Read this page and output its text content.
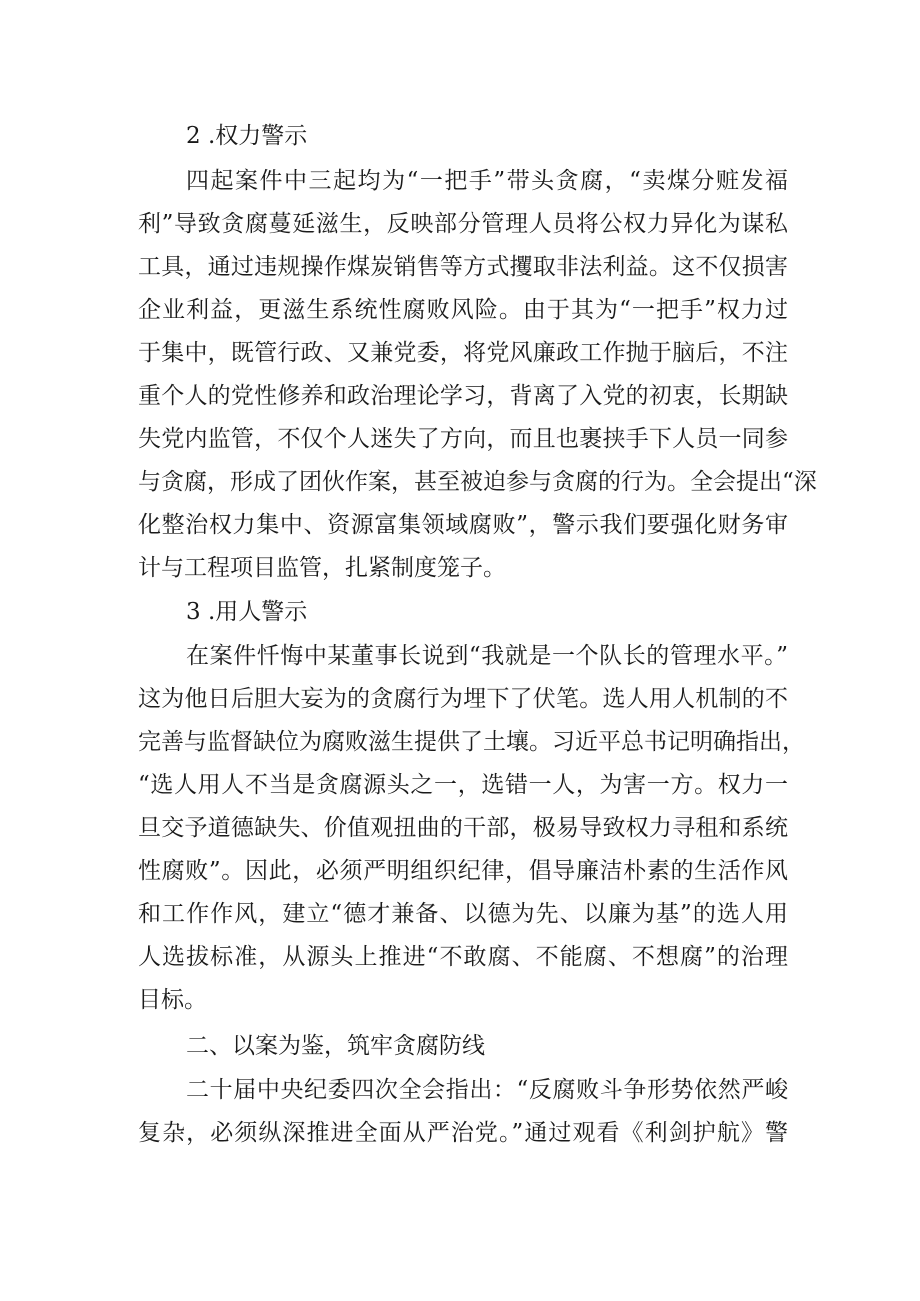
2 .权力警示
四起案件中三起均为“一把手”带头贪腐，“卖煤分赃发福
利”导致贪腐蔓延滋生，反映部分管理人员将公权力异化为谋私
工具，通过违规操作煤炭销售等方式攫取非法利益。这不仅损害
企业利益，更滋生系统性腐败风险。由于其为“一把手”权力过
于集中，既管行政、又兼党委，将党风廉政工作抛于脑后，不注
重个人的党性修养和政治理论学习，背离了入党的初衷，长期缺
失党内监管，不仅个人迷失了方向，而且也裹挟手下人员一同参
与贪腐，形成了团伙作案，甚至被迫参与贪腐的行为。全会提出“深
化整治权力集中、资源富集领域腐败”，警示我们要强化财务审
计与工程项目监管，扎紧制度笼子。
3 .用人警示
在案件忏悔中某董事长说到“我就是一个队长的管理水平。”
这为他日后胆大妄为的贪腐行为埋下了伏笔。选人用人机制的不
完善与监督缺位为腐败滋生提供了土壤。习近平总书记明确指出，
“选人用人不当是贪腐源头之一，选错一人，为害一方。权力一
旦交予道德缺失、价值观扭曲的干部，极易导致权力寻租和系统
性腐败”。因此，必须严明组织纪律，倡导廉洁朴素的生活作风
和工作作风，建立“德才兼备、以德为先、以廉为基”的选人用
人选拔标准，从源头上推进“不敢腐、不能腐、不想腐”的治理
目标。
二、以案为鉴，筑牢贪腐防线
二十届中央纪委四次全会指出：“反腐败斗争形势依然严峻
复杂，必须纵深推进全面从严治党。”通过观看《利剑护航》警
